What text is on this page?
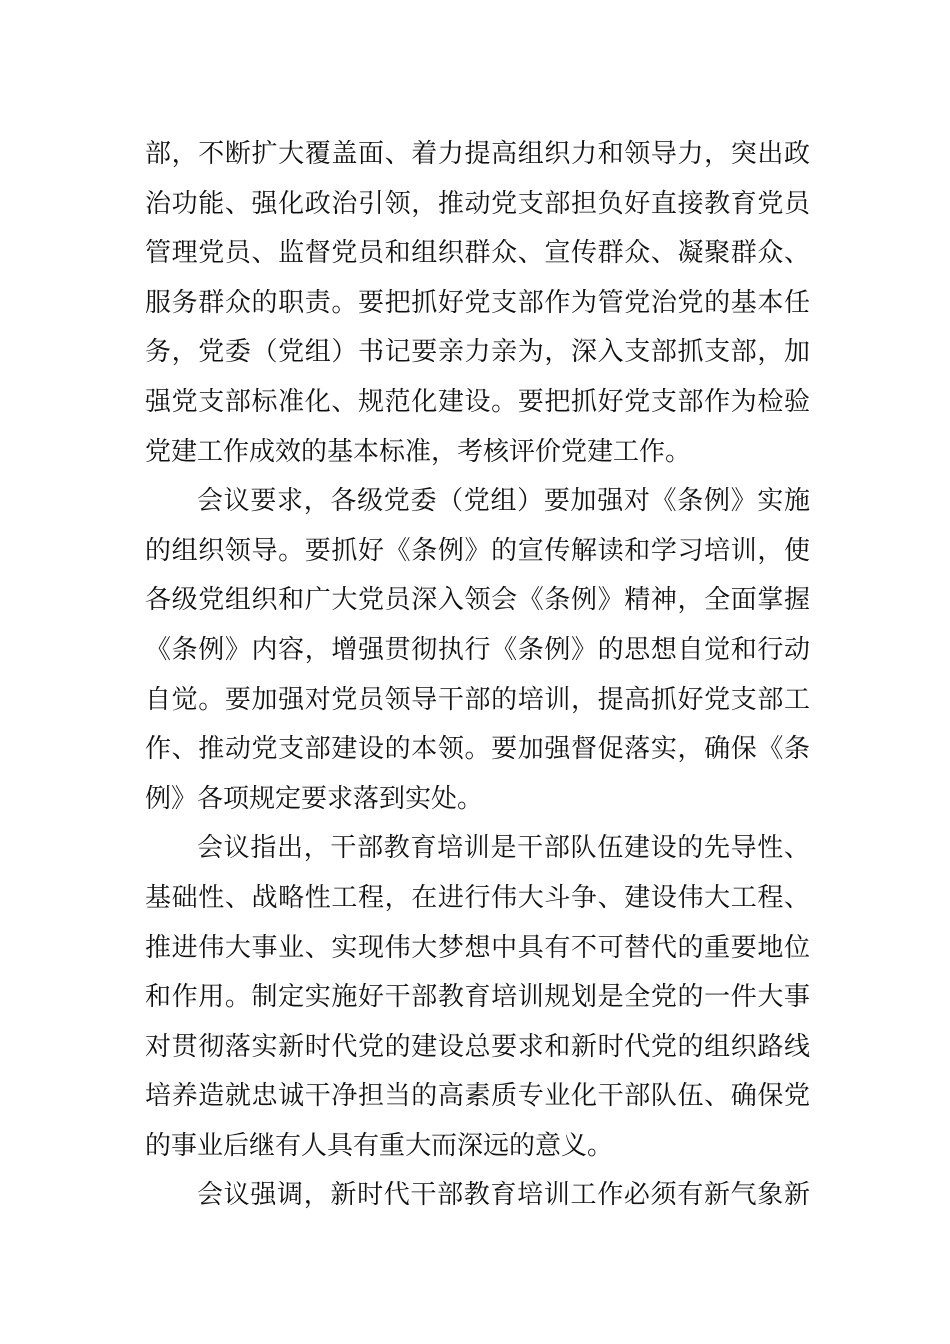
部，不断扩大覆盖面、着力提高组织力和领导力，突出政
治功能、强化政治引领，推动党支部担负好直接教育党员
管理党员、监督党员和组织群众、宣传群众、凝聚群众、
服务群众的职责。要把抓好党支部作为管党治党的基本任
务，党委（党组）书记要亲力亲为，深入支部抓支部，加
强党支部标准化、规范化建设。要把抓好党支部作为检验
党建工作成效的基本标准，考核评价党建工作。
会议要求，各级党委（党组）要加强对《条例》实施
的组织领导。要抓好《条例》的宣传解读和学习培训，使
各级党组织和广大党员深入领会《条例》精神，全面掌握
《条例》内容，增强贯彻执行《条例》的思想自觉和行动
自觉。要加强对党员领导干部的培训，提高抓好党支部工
作、推动党支部建设的本领。要加强督促落实，确保《条
例》各项规定要求落到实处。
会议指出，干部教育培训是干部队伍建设的先导性、
基础性、战略性工程，在进行伟大斗争、建设伟大工程、
推进伟大事业、实现伟大梦想中具有不可替代的重要地位
和作用。制定实施好干部教育培训规划是全党的一件大事
对贯彻落实新时代党的建设总要求和新时代党的组织路线
培养造就忠诚干净担当的高素质专业化干部队伍、确保党
的事业后继有人具有重大而深远的意义。
会议强调，新时代干部教育培训工作必须有新气象新
